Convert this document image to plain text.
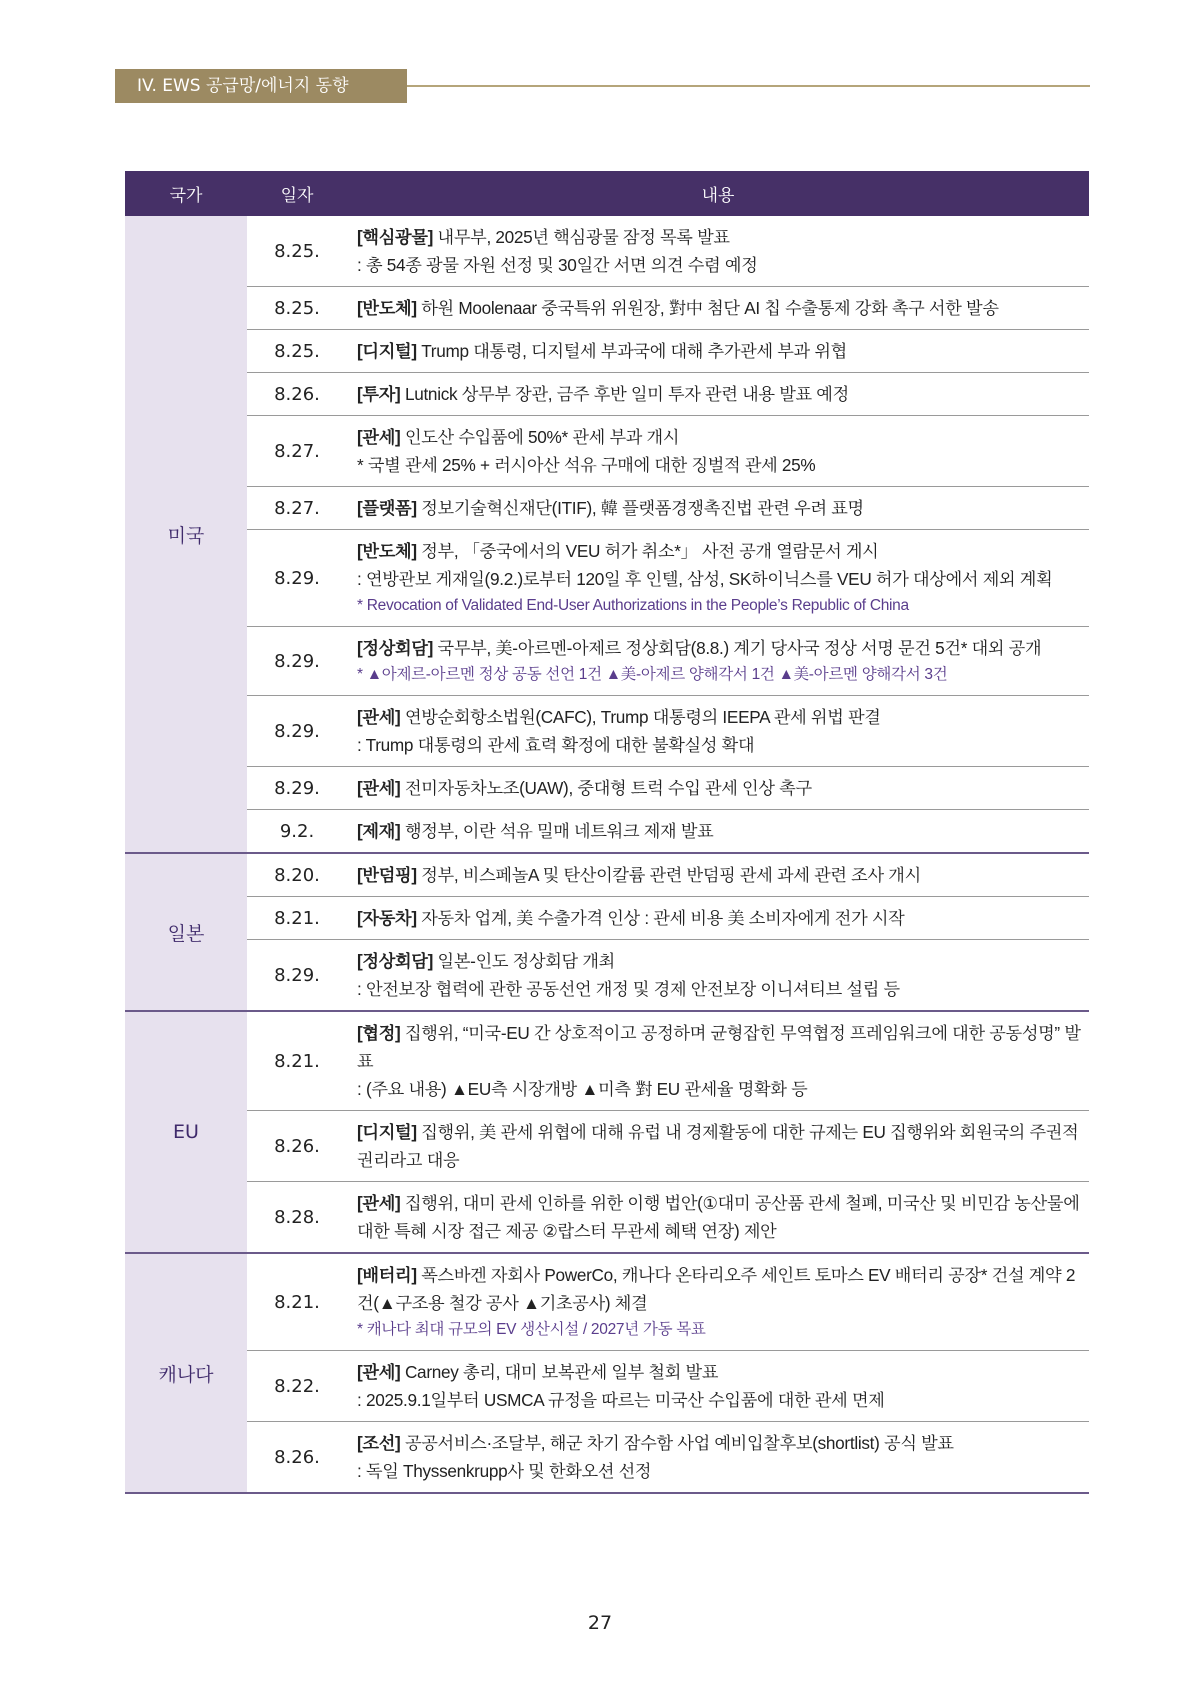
IV. EWS 공급망/에너지 동향
국가	일자	내용
미국	8.25.	[핵심광물] 내무부, 2025년 핵심광물 잠정 목록 발표
: 총 54종 광물 자원 선정 및 30일간 서면 의견 수렴 예정

	8.25.	[반도체] 하원 Moolenaar 중국특위 위원장, 對中 첨단 AI 칩 수출통제 강화 촉구 서한 발송

	8.25.	[디지털] Trump 대통령, 디지털세 부과국에 대해 추가관세 부과 위협

	8.26.	[투자] Lutnick 상무부 장관, 금주 후반 일미 투자 관련 내용 발표 예정

	8.27.	[관세] 인도산 수입품에 50%* 관세 부과 개시
* 국별 관세 25% + 러시아산 석유 구매에 대한 징벌적 관세 25%

	8.27.	[플랫폼] 정보기술혁신재단(ITIF), 韓 플랫폼경쟁촉진법 관련 우려 표명

	8.29.	[반도체] 정부, 「중국에서의 VEU 허가 취소*」 사전 공개 열람문서 게시
: 연방관보 게재일(9.2.)로부터 120일 후 인텔, 삼성, SK하이닉스를 VEU 허가 대상에서 제외 계획
* Revocation of Validated End-User Authorizations in the People’s Republic of China

	8.29.	[정상회담] 국무부, 美-아르멘-아제르 정상회담(8.8.) 계기 당사국 정상 서명 문건 5건* 대외 공개
* ▲아제르-아르멘 정상 공동 선언 1건 ▲美-아제르 양해각서 1건 ▲美-아르멘 양해각서 3건

	8.29.	[관세] 연방순회항소법원(CAFC), Trump 대통령의 IEEPA 관세 위법 판결
: Trump 대통령의 관세 효력 확정에 대한 불확실성 확대

	8.29.	[관세] 전미자동차노조(UAW), 중대형 트럭 수입 관세 인상 촉구

	9.2.	[제재] 행정부, 이란 석유 밀매 네트워크 제재 발표

일본	8.20.	[반덤핑] 정부, 비스페놀A 및 탄산이칼륨 관련 반덤핑 관세 과세 관련 조사 개시

	8.21.	[자동차] 자동차 업계, 美 수출가격 인상 : 관세 비용 美 소비자에게 전가 시작

	8.29.	[정상회담] 일본-인도 정상회담 개최
: 안전보장 협력에 관한 공동선언 개정 및 경제 안전보장 이니셔티브 설립 등

EU	8.21.	[협정] 집행위, “미국-EU 간 상호적이고 공정하며 균형잡힌 무역협정 프레임워크에 대한 공동성명” 발표
: (주요 내용) ▲EU측 시장개방 ▲미측 對 EU 관세율 명확화 등

	8.26.	[디지털] 집행위, 美 관세 위협에 대해 유럽 내 경제활동에 대한 규제는 EU 집행위와 회원국의 주권적 권리라고 대응

	8.28.	[관세] 집행위, 대미 관세 인하를 위한 이행 법안(①대미 공산품 관세 철폐, 미국산 및 비민감 농산물에 대한 특혜 시장 접근 제공 ②랍스터 무관세 혜택 연장) 제안

캐나다	8.21.	[배터리] 폭스바겐 자회사 PowerCo, 캐나다 온타리오주 세인트 토마스 EV 배터리 공장* 건설 계약 2건(▲구조용 철강 공사 ▲기초공사) 체결
* 캐나다 최대 규모의 EV 생산시설 / 2027년 가동 목표

	8.22.	[관세] Carney 총리, 대미 보복관세 일부 철회 발표
: 2025.9.1일부터 USMCA 규정을 따르는 미국산 수입품에 대한 관세 면제

	8.26.	[조선] 공공서비스·조달부, 해군 차기 잠수함 사업 예비입찰후보(shortlist) 공식 발표
: 독일 Thyssenkrupp사 및 한화오션 선정
27
